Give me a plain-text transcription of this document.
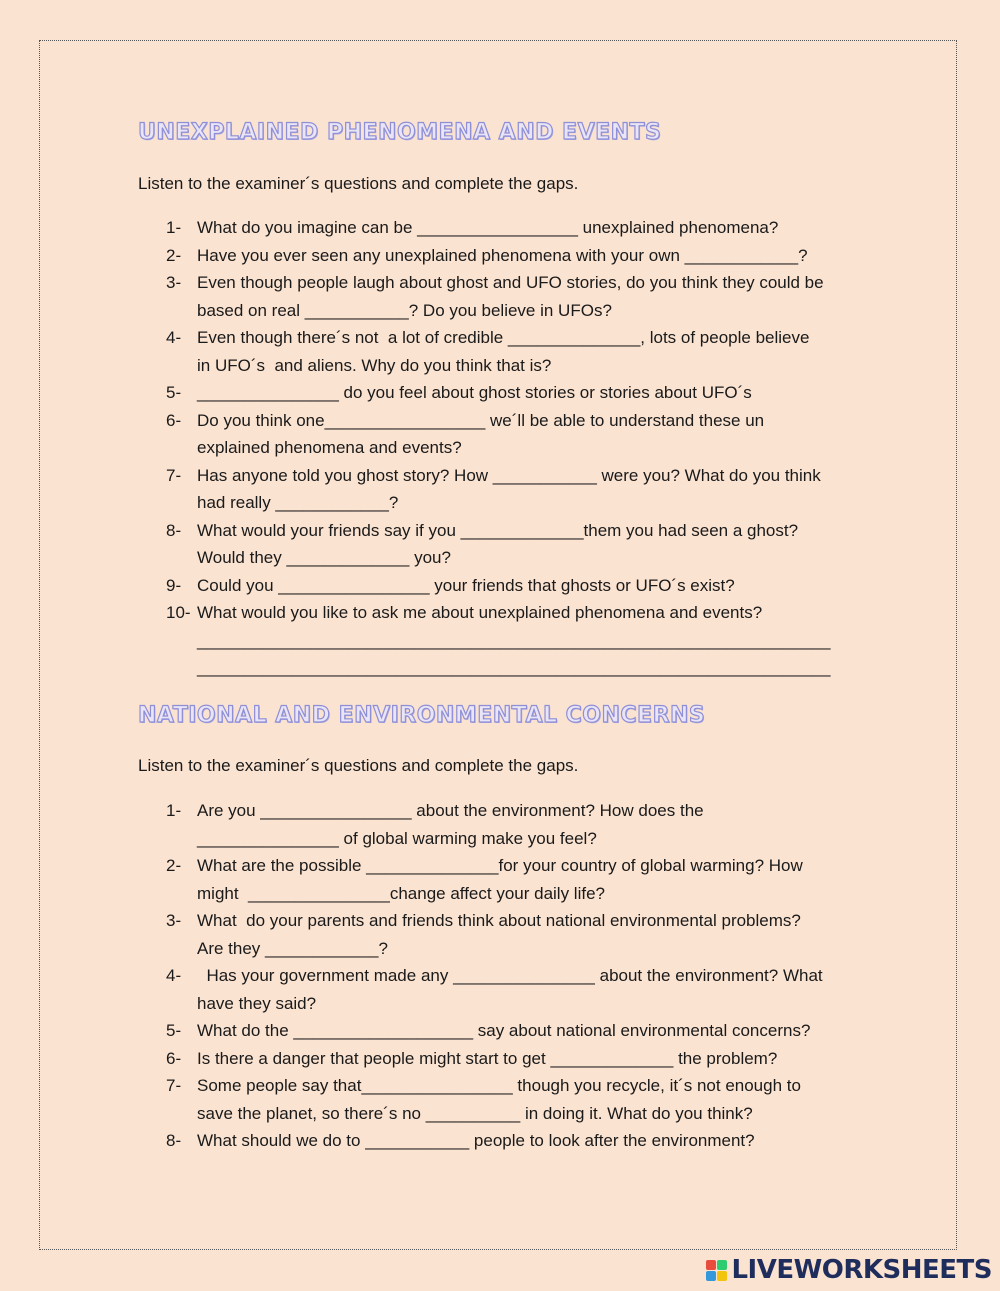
UNEXPLAINED PHENOMENA AND EVENTS

Listen to the examiner´s questions and complete the gaps.

1- What do you imagine can be _________________ unexplained phenomena?
2- Have you ever seen any unexplained phenomena with your own ____________?
3- Even though people laugh about ghost and UFO stories, do you think they could be
based on real ___________? Do you believe in UFOs?
4- Even though there´s not  a lot of credible ______________, lots of people believe
in UFO´s  and aliens. Why do you think that is?
5- _______________ do you feel about ghost stories or stories about UFO´s
6- Do you think one_________________ we´ll be able to understand these un
explained phenomena and events?
7- Has anyone told you ghost story? How ___________ were you? What do you think
had really ____________?
8- What would your friends say if you _____________them you had seen a ghost?
Would they _____________ you?
9- Could you ________________ your friends that ghosts or UFO´s exist?
10- What would you like to ask me about unexplained phenomena and events?
___________________________________________________________________
___________________________________________________________________
NATIONAL AND ENVIRONMENTAL CONCERNS

Listen to the examiner´s questions and complete the gaps.

1- Are you ________________ about the environment? How does the
_______________ of global warming make you feel?
2- What are the possible ______________for your country of global warming? How
might  _______________change affect your daily life?
3- What  do your parents and friends think about national environmental problems?
Are they ____________?
4- Has your government made any _______________ about the environment? What
have they said?
5- What do the ___________________ say about national environmental concerns?
6- Is there a danger that people might start to get _____________ the problem?
7- Some people say that________________ though you recycle, it´s not enough to
save the planet, so there´s no __________ in doing it. What do you think?
8- What should we do to ___________ people to look after the environment?
LIVEWORKSHEETS
